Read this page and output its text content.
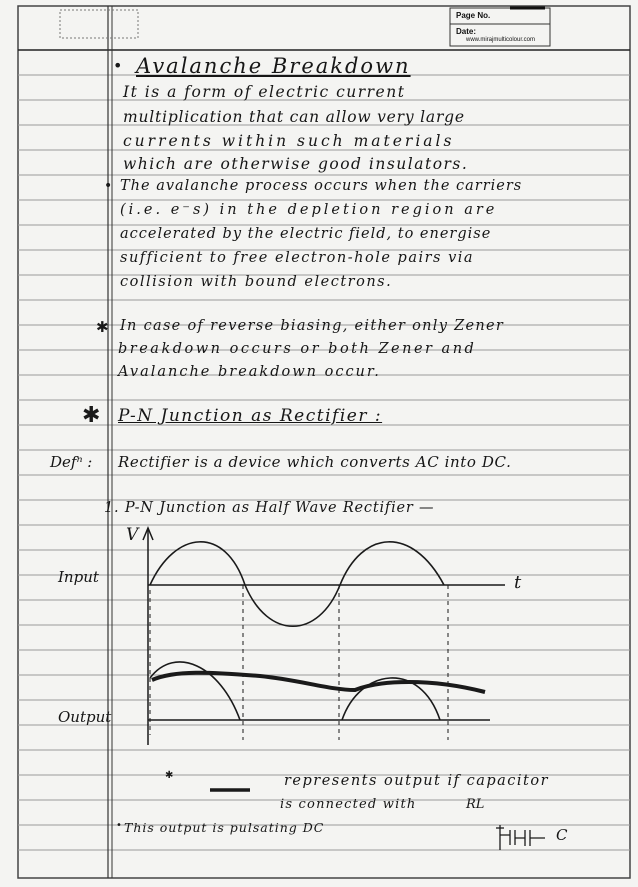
Page No.
Date:
www.mirajmulticolour.com
• Avalanche Breakdown
It is a form of electric current
multiplication that can allow very large
currents within such materials
which are otherwise good insulators.
• The avalanche process occurs when the carriers
(i.e. e⁻s) in the depletion region are
accelerated by the electric field, to energise
sufficient to free electron-hole pairs via
collision with bound electrons.
✱ In case of reverse biasing, either only Zener
breakdown occurs or both Zener and
Avalanche breakdown occur.
✱ P-N Junction as Rectifier :
Defⁿ : Rectifier is a device which converts AC into DC.
1. P-N Junction as Half Wave Rectifier —
V
t
Input
Output
✱	represents output if capacitor
is connected with	RL
• This output is pulsating DC	C
